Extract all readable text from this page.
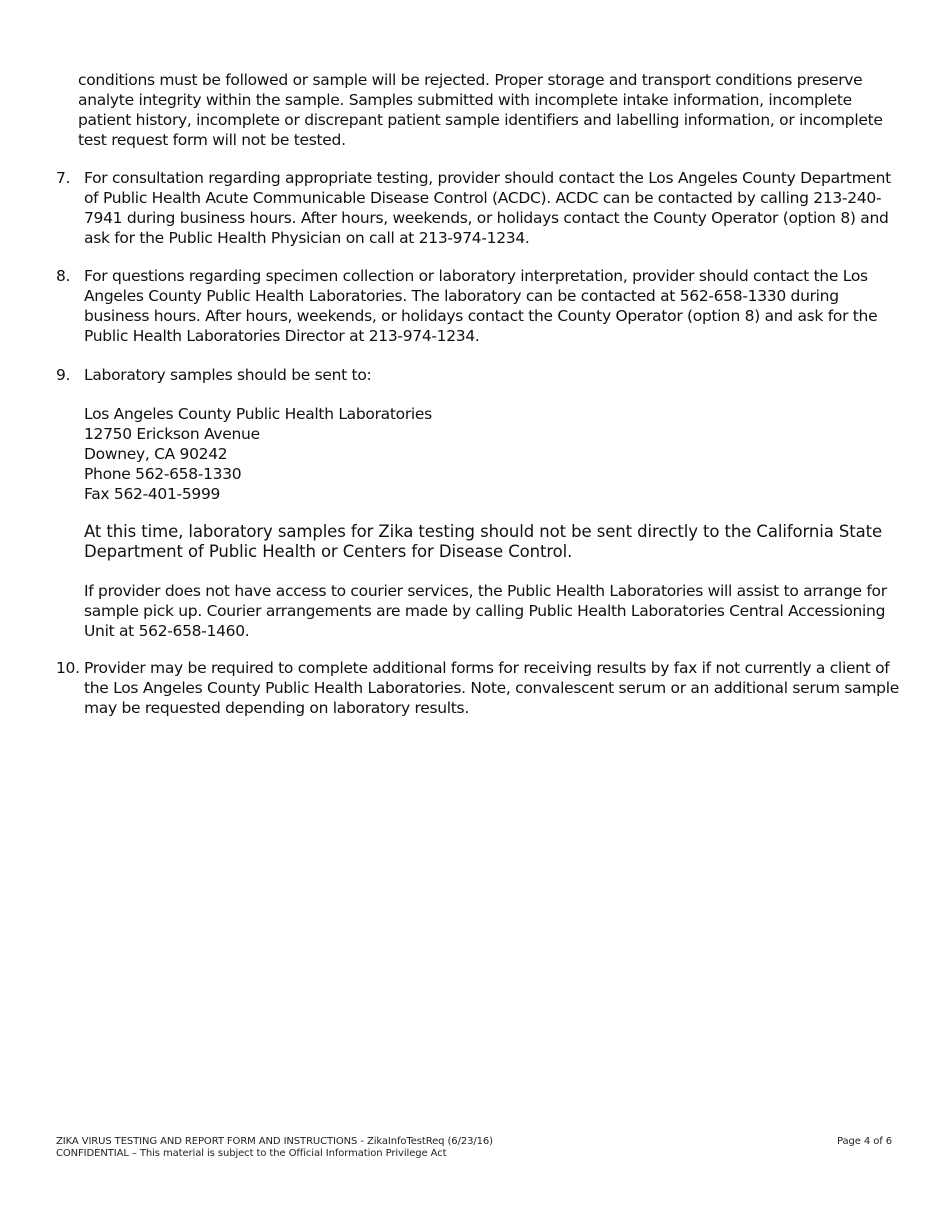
conditions must be followed or sample will be rejected. Proper storage and transport conditions preserve analyte integrity within the sample. Samples submitted with incomplete intake information, incomplete patient history, incomplete or discrepant patient sample identifiers and labelling information, or incomplete test request form will not be tested.
7. For consultation regarding appropriate testing, provider should contact the Los Angeles County Department of Public Health Acute Communicable Disease Control (ACDC). ACDC can be contacted by calling 213-240-7941 during business hours. After hours, weekends, or holidays contact the County Operator (option 8) and ask for the Public Health Physician on call at 213-974-1234.
8. For questions regarding specimen collection or laboratory interpretation, provider should contact the Los Angeles County Public Health Laboratories. The laboratory can be contacted at 562-658-1330 during business hours. After hours, weekends, or holidays contact the County Operator (option 8) and ask for the Public Health Laboratories Director at 213-974-1234.
9. Laboratory samples should be sent to:
Los Angeles County Public Health Laboratories
12750 Erickson Avenue
Downey, CA 90242
Phone 562-658-1330
Fax 562-401-5999
At this time, laboratory samples for Zika testing should not be sent directly to the California State Department of Public Health or Centers for Disease Control.
If provider does not have access to courier services, the Public Health Laboratories will assist to arrange for sample pick up. Courier arrangements are made by calling Public Health Laboratories Central Accessioning Unit at 562-658-1460.
10. Provider may be required to complete additional forms for receiving results by fax if not currently a client of the Los Angeles County Public Health Laboratories. Note, convalescent serum or an additional serum sample may be requested depending on laboratory results.
ZIKA VIRUS TESTING AND REPORT FORM AND INSTRUCTIONS - ZikaInfoTestReq (6/23/16)
CONFIDENTIAL – This material is subject to the Official Information Privilege Act
Page 4 of 6
